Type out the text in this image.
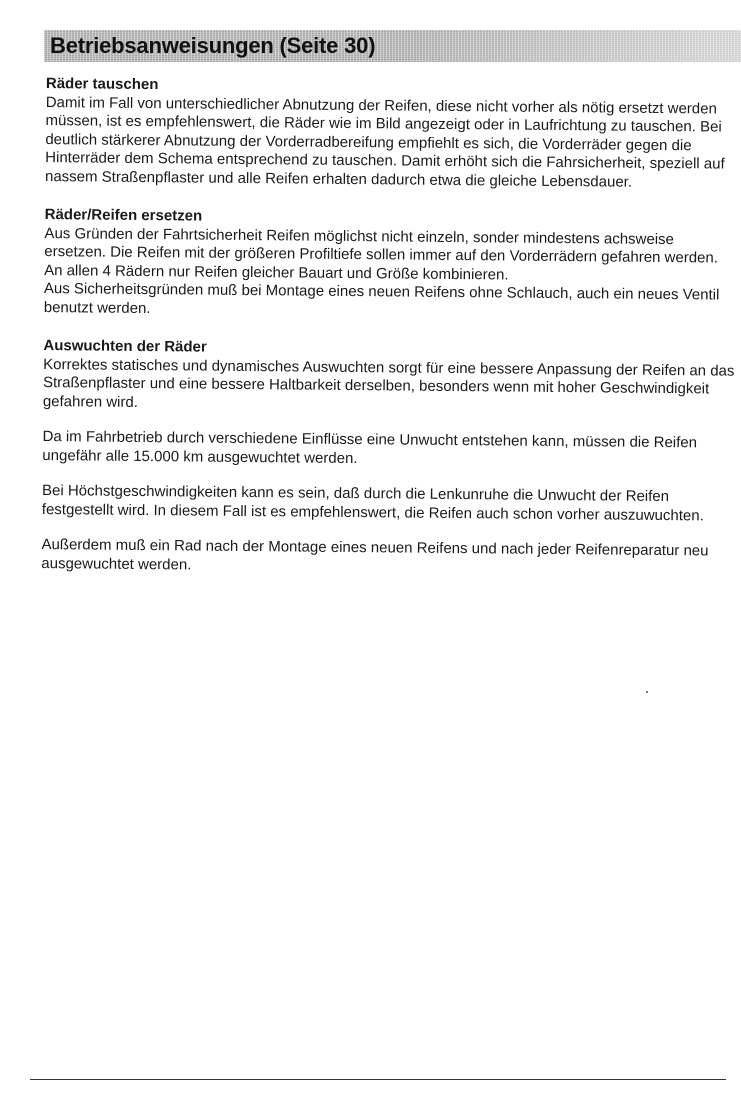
Betriebsanweisungen (Seite 30)
Räder tauschen

Damit im Fall von unterschiedlicher Abnutzung der Reifen, diese nicht vorher als nötig ersetzt werden müssen, ist es empfehlenswert, die Räder wie im Bild angezeigt oder in Laufrichtung zu tauschen. Bei deutlich stärkerer Abnutzung der Vorderradbereifung empfiehlt es sich, die Vorderräder gegen die Hinterräder dem Schema entsprechend zu tauschen. Damit erhöht sich die Fahrsicherheit, speziell auf nassem Straßenpflaster und alle Reifen erhalten dadurch etwa die gleiche Lebensdauer.

Räder/Reifen ersetzen

Aus Gründen der Fahrtsicherheit Reifen möglichst nicht einzeln, sonder mindestens achsweise ersetzen. Die Reifen mit der größeren Profiltiefe sollen immer auf den Vorderrädern gefahren werden.

An allen 4 Rädern nur Reifen gleicher Bauart und Größe kombinieren.

Aus Sicherheitsgründen muß bei Montage eines neuen Reifens ohne Schlauch, auch ein neues Ventil benutzt werden.

Auswuchten der Räder

Korrektes statisches und dynamisches Auswuchten sorgt für eine bessere Anpassung der Reifen an das Straßenpflaster und eine bessere Haltbarkeit derselben, besonders wenn mit hoher Geschwindigkeit gefahren wird.

Da im Fahrbetrieb durch verschiedene Einflüsse eine Unwucht entstehen kann, müssen die Reifen ungefähr alle 15.000 km ausgewuchtet werden.

Bei Höchstgeschwindigkeiten kann es sein, daß durch die Lenkunruhe die Unwucht der Reifen festgestellt wird. In diesem Fall ist es empfehlenswert, die Reifen auch schon vorher auszuwuchten.

Außerdem muß ein Rad nach der Montage eines neuen Reifens und nach jeder Reifenreparatur neu ausgewuchtet werden.
